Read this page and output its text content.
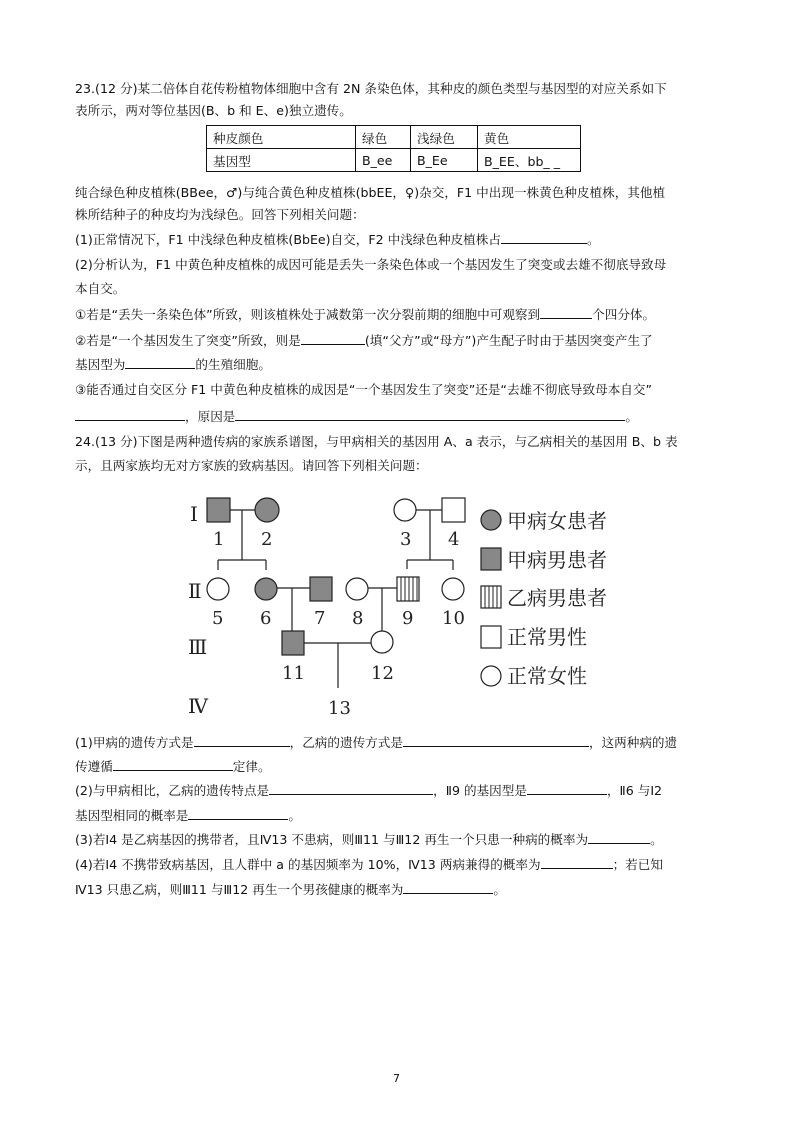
23.(12 分)某二倍体自花传粉植物体细胞中含有 2N 条染色体，其种皮的颜色类型与基因型的对应关系如下
表所示，两对等位基因(B、b 和 E、e)独立遗传。
种皮颜色	绿色	浅绿色	黄色
基因型	B_ee	B_Ee	B_EE、bb_ _
纯合绿色种皮植株(BBee，♂)与纯合黄色种皮植株(bbEE，♀)杂交，F1 中出现一株黄色种皮植株，其他植
株所结种子的种皮均为浅绿色。回答下列相关问题：
(1)正常情况下，F1 中浅绿色种皮植株(BbEe)自交，F2 中浅绿色种皮植株占	。
(2)分析认为，F1 中黄色种皮植株的成因可能是丢失一条染色体或一个基因发生了突变或去雄不彻底导致母
本自交。
①若是“丢失一条染色体”所致，则该植株处于减数第一次分裂前期的细胞中可观察到	个四分体。
②若是“一个基因发生了突变”所致，则是	(填“父方”或“母方”)产生配子时由于基因突变产生了
基因型为	的生殖细胞。
③能否通过自交区分 F1 中黄色种皮植株的成因是“一个基因发生了突变”还是“去雄不彻底导致母本自交”
，原因是	。
24.(13 分)下图是两种遗传病的家族系谱图，与甲病相关的基因用 A、a 表示，与乙病相关的基因用 B、b 表
示，且两家族均无对方家族的致病基因。请回答下列相关问题：
Ⅰ
Ⅱ
Ⅲ
Ⅳ
1 2	3 4
5 6 7 8 9 10
11	12
13
甲病女患者
甲病男患者
乙病男患者
正常男性
正常女性
(1)甲病的遗传方式是	，乙病的遗传方式是	，这两种病的遗
传遵循	定律。
(2)与甲病相比，乙病的遗传特点是	，Ⅱ9 的基因型是	，Ⅱ6 与Ⅰ2
基因型相同的概率是	。
(3)若Ⅰ4 是乙病基因的携带者，且Ⅳ13 不患病，则Ⅲ11 与Ⅲ12 再生一个只患一种病的概率为	。
(4)若Ⅰ4 不携带致病基因，且人群中 a 的基因频率为 10%，Ⅳ13 两病兼得的概率为	；若已知
Ⅳ13 只患乙病，则Ⅲ11 与Ⅲ12 再生一个男孩健康的概率为	。
7
